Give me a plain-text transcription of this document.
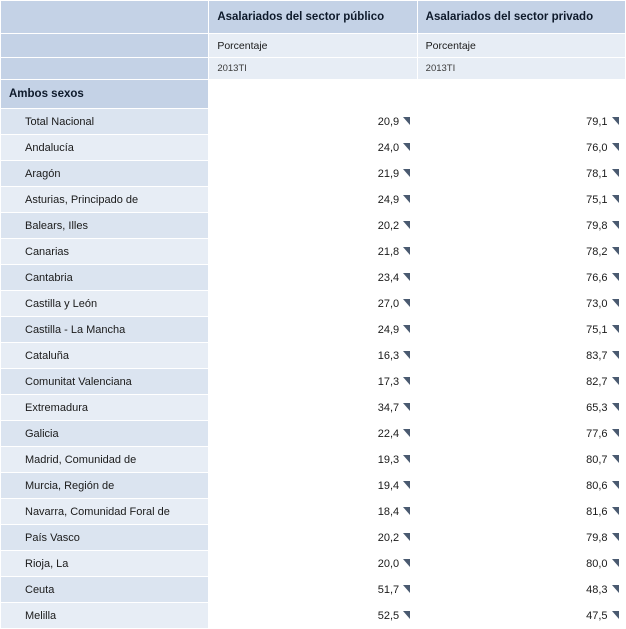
	Asalariados del sector público	Asalariados del sector privado
	Porcentaje	Porcentaje
	2013TI	2013TI
Ambos sexos		
Total Nacional	20,9	79,1

Andalucía	24,0	76,0

Aragón	21,9	78,1

Asturias, Principado de	24,9	75,1

Balears, Illes	20,2	79,8

Canarias	21,8	78,2

Cantabria	23,4	76,6

Castilla y León	27,0	73,0

Castilla - La Mancha	24,9	75,1

Cataluña	16,3	83,7

Comunitat Valenciana	17,3	82,7

Extremadura	34,7	65,3

Galicia	22,4	77,6

Madrid, Comunidad de	19,3	80,7

Murcia, Región de	19,4	80,6

Navarra, Comunidad Foral de	18,4	81,6

País Vasco	20,2	79,8

Rioja, La	20,0	80,0

Ceuta	51,7	48,3

Melilla	52,5	47,5
